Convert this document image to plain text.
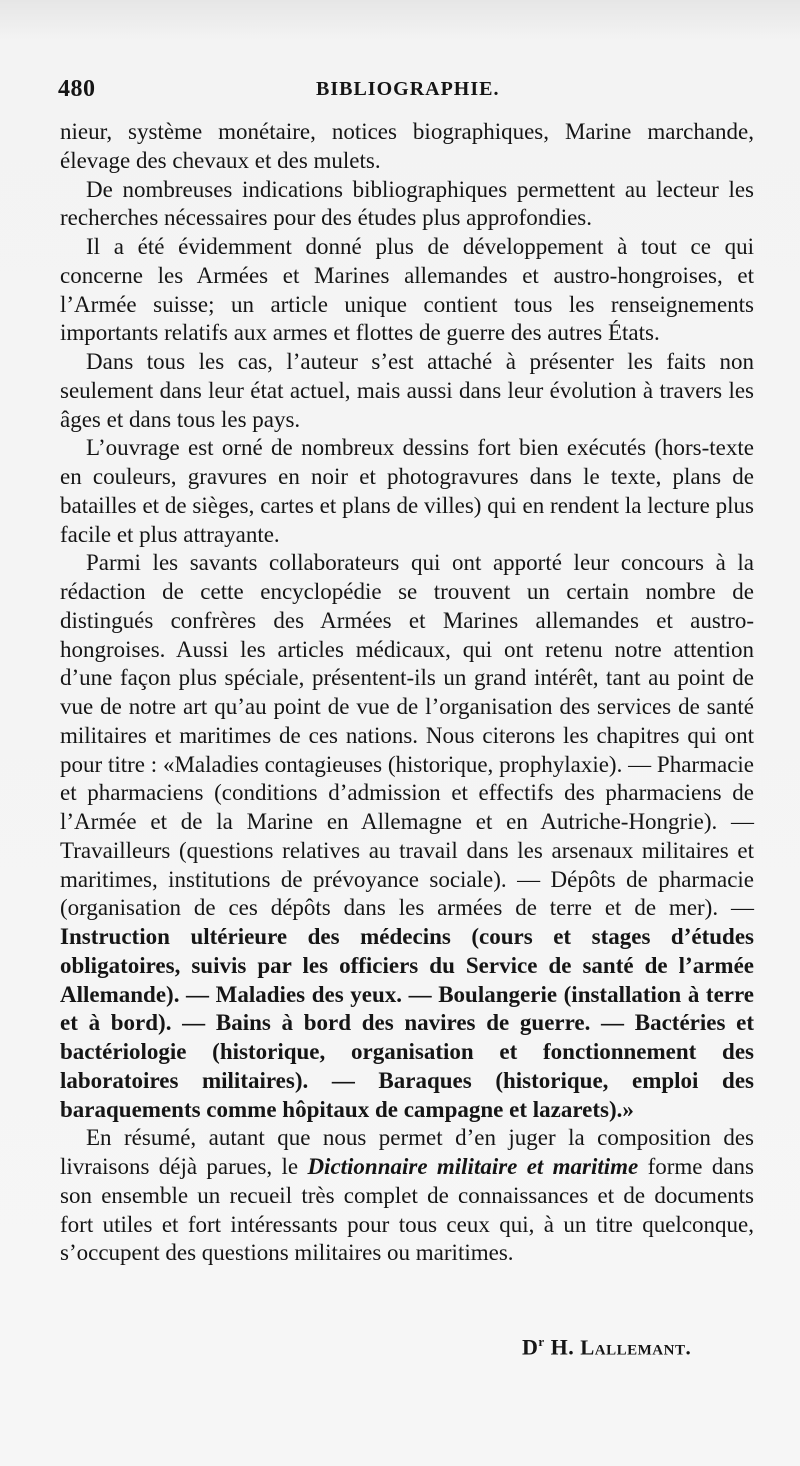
480	BIBLIOGRAPHIE.

nieur, système monétaire, notices biographiques, Marine marchande, élevage des chevaux et des mulets.

De nombreuses indications bibliographiques permettent au lecteur les recherches nécessaires pour des études plus approfondies.

Il a été évidemment donné plus de développement à tout ce qui concerne les Armées et Marines allemandes et austro-hongroises, et l’Armée suisse; un article unique contient tous les renseignements importants relatifs aux armes et flottes de guerre des autres États.

Dans tous les cas, l’auteur s’est attaché à présenter les faits non seulement dans leur état actuel, mais aussi dans leur évolution à travers les âges et dans tous les pays.

L’ouvrage est orné de nombreux dessins fort bien exécutés (hors-texte en couleurs, gravures en noir et photogravures dans le texte, plans de batailles et de sièges, cartes et plans de villes) qui en rendent la lecture plus facile et plus attrayante.

Parmi les savants collaborateurs qui ont apporté leur concours à la rédaction de cette encyclopédie se trouvent un certain nombre de distingués confrères des Armées et Marines allemandes et austro-hongroises. Aussi les articles médicaux, qui ont retenu notre attention d’une façon plus spéciale, présentent-ils un grand intérêt, tant au point de vue de notre art qu’au point de vue de l’organisation des services de santé militaires et maritimes de ces nations. Nous citerons les chapitres qui ont pour titre : «Maladies contagieuses (historique, prophylaxie). — Pharmacie et pharmaciens (conditions d’admission et effectifs des pharmaciens de l’Armée et de la Marine en Allemagne et en Autriche-Hongrie). — Travailleurs (questions relatives au travail dans les arsenaux militaires et maritimes, institutions de prévoyance sociale). — Dépôts de pharmacie (organisation de ces dépôts dans les armées de terre et de mer). — Instruction ultérieure des médecins (cours et stages d’études obligatoires, suivis par les officiers du Service de santé de l’armée Allemande). — Maladies des yeux. — Boulangerie (installation à terre et à bord). — Bains à bord des navires de guerre. — Bactéries et bactériologie (historique, organisation et fonctionnement des laboratoires militaires). — Baraques (historique, emploi des baraquements comme hôpitaux de campagne et lazarets).»

En résumé, autant que nous permet d’en juger la composition des livraisons déjà parues, le Dictionnaire militaire et maritime forme dans son ensemble un recueil très complet de connaissances et de documents fort utiles et fort intéressants pour tous ceux qui, à un titre quelconque, s’occupent des questions militaires ou maritimes.

$D^r$ H. Lallemant.
